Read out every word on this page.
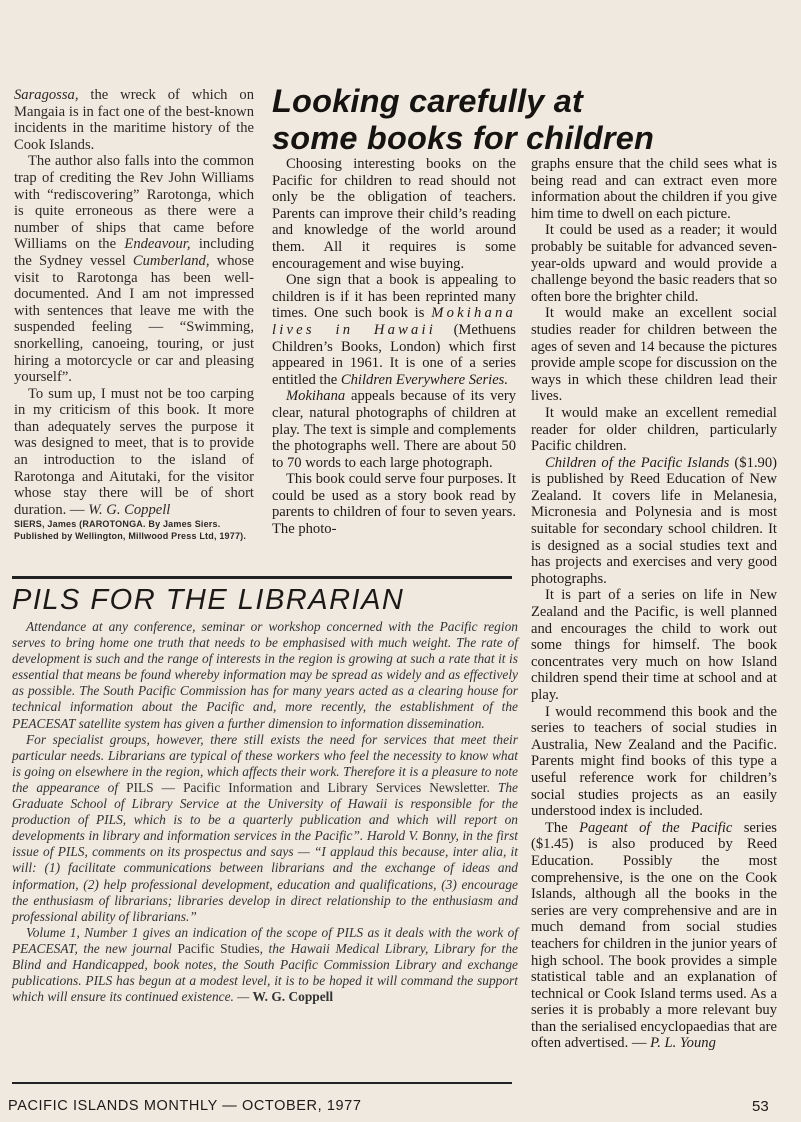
Saragossa, the wreck of which on Mangaia is in fact one of the best-known incidents in the maritime history of the Cook Islands.

The author also falls into the common trap of crediting the Rev John Williams with “rediscovering” Rarotonga, which is quite erroneous as there were a number of ships that came before Williams on the Endeavour, including the Sydney vessel Cumberland, whose visit to Rarotonga has been well-documented. And I am not impressed with sentences that leave me with the suspended feeling — “Swimming, snorkelling, canoeing, touring, or just hiring a motorcycle or car and pleasing yourself”.

To sum up, I must not be too carping in my criticism of this book. It more than adequately serves the purpose it was designed to meet, that is to provide an introduction to the island of Rarotonga and Aitutaki, for the visitor whose stay there will be of short duration. — W. G. Coppell

SIERS, James (RAROTONGA. By James Siers. Published by Wellington, Millwood Press Ltd, 1977).

Looking carefully at
some books for children

Choosing interesting books on the Pacific for children to read should not only be the obligation of teachers. Parents can improve their child’s reading and knowledge of the world around them. All it requires is some encouragement and wise buying.

One sign that a book is appealing to children is if it has been reprinted many times. One such book is Mokihana lives in Hawaii (Methuens Children’s Books, London) which first appeared in 1961. It is one of a series entitled the Children Everywhere Series.

Mokihana appeals because of its very clear, natural photographs of children at play. The text is simple and complements the photographs well. There are about 50 to 70 words to each large photograph.

This book could serve four purposes. It could be used as a story book read by parents to children of four to seven years. The photo-

graphs ensure that the child sees what is being read and can extract even more information about the children if you give him time to dwell on each picture.

It could be used as a reader; it would probably be suitable for advanced seven-year-olds upward and would provide a challenge beyond the basic readers that so often bore the brighter child.

It would make an excellent social studies reader for children between the ages of seven and 14 because the pictures provide ample scope for discussion on the ways in which these children lead their lives.

It would make an excellent remedial reader for older children, particularly Pacific children.

Children of the Pacific Islands ($1.90) is published by Reed Education of New Zealand. It covers life in Melanesia, Micronesia and Polynesia and is most suitable for secondary school children. It is designed as a social studies text and has projects and exercises and very good photographs.

It is part of a series on life in New Zealand and the Pacific, is well planned and encourages the child to work out some things for himself. The book concentrates very much on how Island children spend their time at school and at play.

I would recommend this book and the series to teachers of social studies in Australia, New Zealand and the Pacific. Parents might find books of this type a useful reference work for children’s social studies projects as an easily understood index is included.

The Pageant of the Pacific series ($1.45) is also produced by Reed Education. Possibly the most comprehensive, is the one on the Cook Islands, although all the books in the series are very comprehensive and are in much demand from social studies teachers for children in the junior years of high school. The book provides a simple statistical table and an explanation of technical or Cook Island terms used. As a series it is probably a more relevant buy than the serialised encyclopaedias that are often advertised. — P. L. Young

PILS FOR THE LIBRARIAN

Attendance at any conference, seminar or workshop concerned with the Pacific region serves to bring home one truth that needs to be emphasised with much weight. The rate of development is such and the range of interests in the region is growing at such a rate that it is essential that means be found whereby information may be spread as widely and as effectively as possible. The South Pacific Commission has for many years acted as a clearing house for technical information about the Pacific and, more recently, the establishment of the PEACESAT satellite system has given a further dimension to information dissemination.

For specialist groups, however, there still exists the need for services that meet their particular needs. Librarians are typical of these workers who feel the necessity to know what is going on elsewhere in the region, which affects their work. Therefore it is a pleasure to note the appearance of PILS — Pacific Information and Library Services Newsletter. The Graduate School of Library Service at the University of Hawaii is responsible for the production of PILS, which is to be a quarterly publication and which will report on developments in library and information services in the Pacific”. Harold V. Bonny, in the first issue of PILS, comments on its prospectus and says — “I applaud this because, inter alia, it will: (1) facilitate communications between librarians and the exchange of ideas and information, (2) help professional development, education and qualifications, (3) encourage the enthusiasm of librarians; libraries develop in direct relationship to the enthusiasm and professional ability of librarians.”

Volume 1, Number 1 gives an indication of the scope of PILS as it deals with the work of PEACESAT, the new journal Pacific Studies, the Hawaii Medical Library, Library for the Blind and Handicapped, book notes, the South Pacific Commission Library and exchange publications. PILS has begun at a modest level, it is to be hoped it will command the support which will ensure its continued existence. — W. G. Coppell

PACIFIC ISLANDS MONTHLY — OCTOBER, 1977	53
